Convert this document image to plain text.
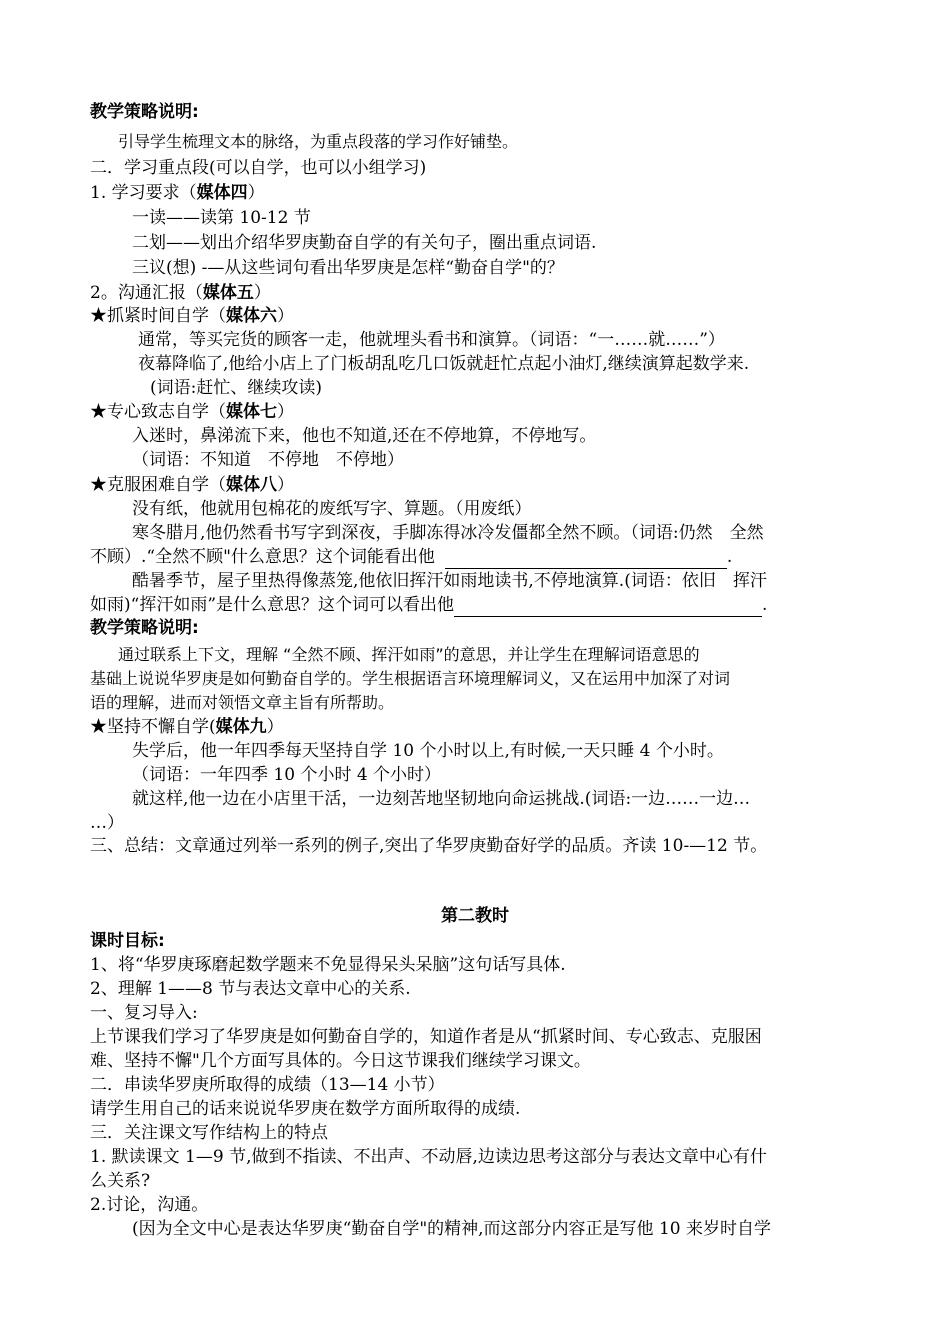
教学策略说明:
引导学生梳理文本的脉络，为重点段落的学习作好铺垫。
二．学习重点段(可以自学，也可以小组学习)
1. 学习要求（媒体四）
一读——读第 10-12 节
二划——划出介绍华罗庚勤奋自学的有关句子，圈出重点词语.
三议(想) -—从这些词句看出华罗庚是怎样“勤奋自学"的？
2。沟通汇报（媒体五）
★抓紧时间自学（媒体六）
通常，等买完货的顾客一走，他就埋头看书和演算。（词语：“一……就……”）
夜幕降临了,他给小店上了门板胡乱吃几口饭就赶忙点起小油灯,继续演算起数学来.
(词语:赶忙、继续攻读)
★专心致志自学（媒体七）
入迷时，鼻涕流下来，他也不知道,还在不停地算，不停地写。
（词语：不知道　不停地　不停地）
★克服困难自学（媒体八）
没有纸，他就用包棉花的废纸写字、算题。（用废纸）
寒冬腊月,他仍然看书写字到深夜，手脚冻得冰冷发僵都全然不顾。（词语:仍然　全然
不顾）.“全然不顾"什么意思？这个词能看出他	.
酷暑季节，屋子里热得像蒸笼,他依旧挥汗如雨地读书,不停地演算.(词语：依旧　挥汗
如雨)“挥汗如雨”是什么意思？这个词可以看出他	.
教学策略说明:
通过联系上下文，理解 “全然不顾、挥汗如雨”的意思，并让学生在理解词语意思的
基础上说说华罗庚是如何勤奋自学的。学生根据语言环境理解词义，又在运用中加深了对词
语的理解，进而对领悟文章主旨有所帮助。
★坚持不懈自学(媒体九）
失学后，他一年四季每天坚持自学 10 个小时以上,有时候,一天只睡 4 个小时。
（词语：一年四季 10 个小时 4 个小时）
就这样,他一边在小店里干活，一边刻苦地坚韧地向命运挑战.(词语:一边……一边…
…）
三、总结：文章通过列举一系列的例子,突出了华罗庚勤奋好学的品质。齐读 10-—12 节。
第二教时
课时目标:
1、将“华罗庚琢磨起数学题来不免显得呆头呆脑”这句话写具体.
2、理解 1——8 节与表达文章中心的关系.
一、复习导入:
上节课我们学习了华罗庚是如何勤奋自学的，知道作者是从“抓紧时间、专心致志、克服困
难、坚持不懈"几个方面写具体的。今日这节课我们继续学习课文。
二．串读华罗庚所取得的成绩（13—14 小节）
请学生用自己的话来说说华罗庚在数学方面所取得的成绩.
三．关注课文写作结构上的特点
1. 默读课文 1—9 节,做到不指读、不出声、不动唇,边读边思考这部分与表达文章中心有什
么关系?
2.讨论，沟通。
(因为全文中心是表达华罗庚“勤奋自学"的精神,而这部分内容正是写他 10 来岁时自学
